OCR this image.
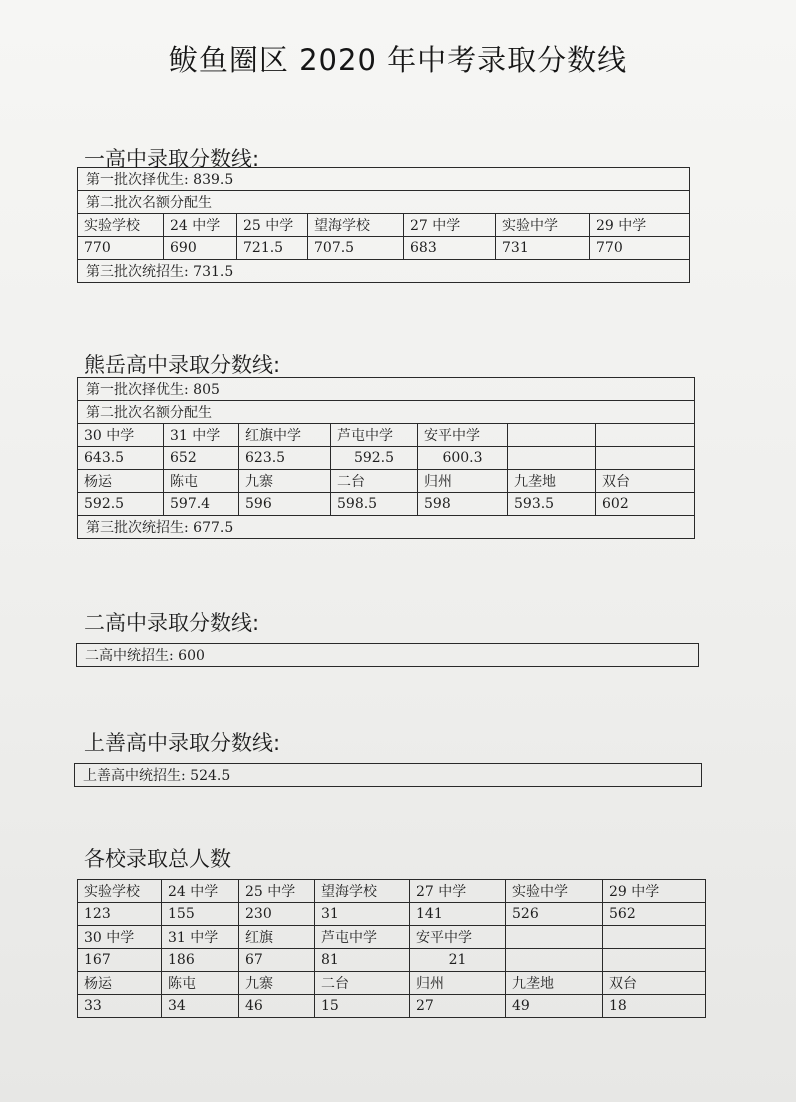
鲅鱼圈区 2020 年中考录取分数线
一高中录取分数线:
第一批次择优生: 839.5						
第二批次名额分配生						
实验学校	24 中学	25 中学	望海学校	27 中学	实验中学	29 中学
770	690	721.5	707.5	683	731	770
第三批次统招生: 731.5						
熊岳高中录取分数线:
第一批次择优生: 805						
第二批次名额分配生						
30 中学	31 中学	红旗中学	芦屯中学	安平中学		
643.5	652	623.5	592.5	600.3		
杨运	陈屯	九寨	二台	归州	九垄地	双台
592.5	597.4	596	598.5	598	593.5	602
第三批次统招生: 677.5						
二高中录取分数线:
二高中统招生: 600
上善高中录取分数线:
上善高中统招生: 524.5
各校录取总人数
实验学校	24 中学	25 中学	望海学校	27 中学	实验中学	29 中学
123	155	230	31	141	526	562
30 中学	31 中学	红旗	芦屯中学	安平中学		
167	186	67	81	21		
杨运	陈屯	九寨	二台	归州	九垄地	双台
33	34	46	15	27	49	18
